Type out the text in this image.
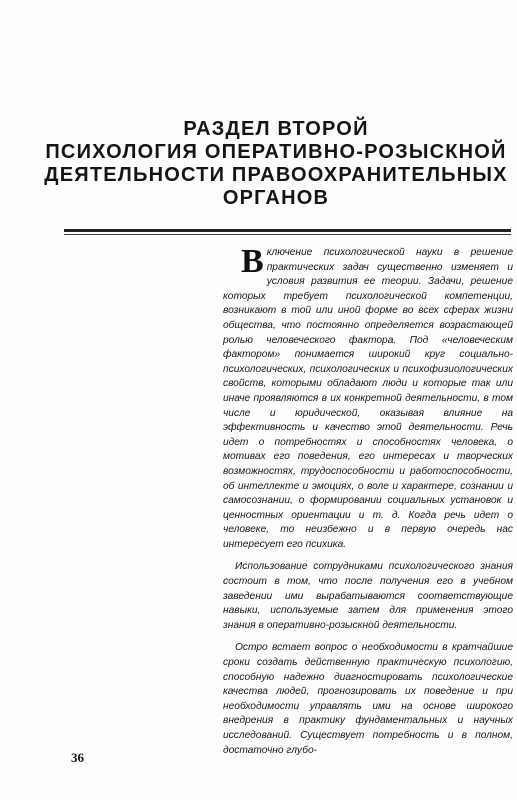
РАЗДЕЛ ВТОРОЙ
ПСИХОЛОГИЯ ОПЕРАТИВНО-РОЗЫСКНОЙ
ДЕЯТЕЛЬНОСТИ ПРАВООХРАНИТЕЛЬНЫХ
ОРГАНОВ

Включение психологической науки в решение практических задач существенно изменяет и условия развития ее теории. Задачи, решение которых требует психологической компетенции, возникают в той или иной форме во всех сферах жизни общества, что постоянно определяется возрастающей ролью человеческого фактора. Под «человеческим фактором» понимается широкий круг социально-психологических, психологических и психофизиологических свойств, которыми обладают люди и которые так или иначе проявляются в их конкретной деятельности, в том числе и юридической, оказывая влияние на эффективность и качество этой деятельности. Речь идет о потребностях и способностях человека, о мотивах его поведения, его интересах и творческих возможностях, трудоспособности и работоспособности, об интеллекте и эмоциях, о воле и характере, сознании и самосознании, о формировании социальных установок и ценностных ориентации и т. д. Когда речь идет о человеке, то неизбежно и в первую очередь нас интересует его психика.

Использование сотрудниками психологического знания состоит в том, что после получения его в учебном заведении ими вырабатываются соответствующие навыки, используемые затем для применения этого знания в оперативно-розыскной деятельности.

Остро встает вопрос о необходимости в кратчайшие сроки создать действенную практическую психологию, способную надежно диагностировать психологические качества людей, прогнозировать их поведение и при необходимости управлять ими на основе широкого внедрения в практику фундаментальных и научных исследований. Существует потребность и в полном, достаточно глубо-

36
